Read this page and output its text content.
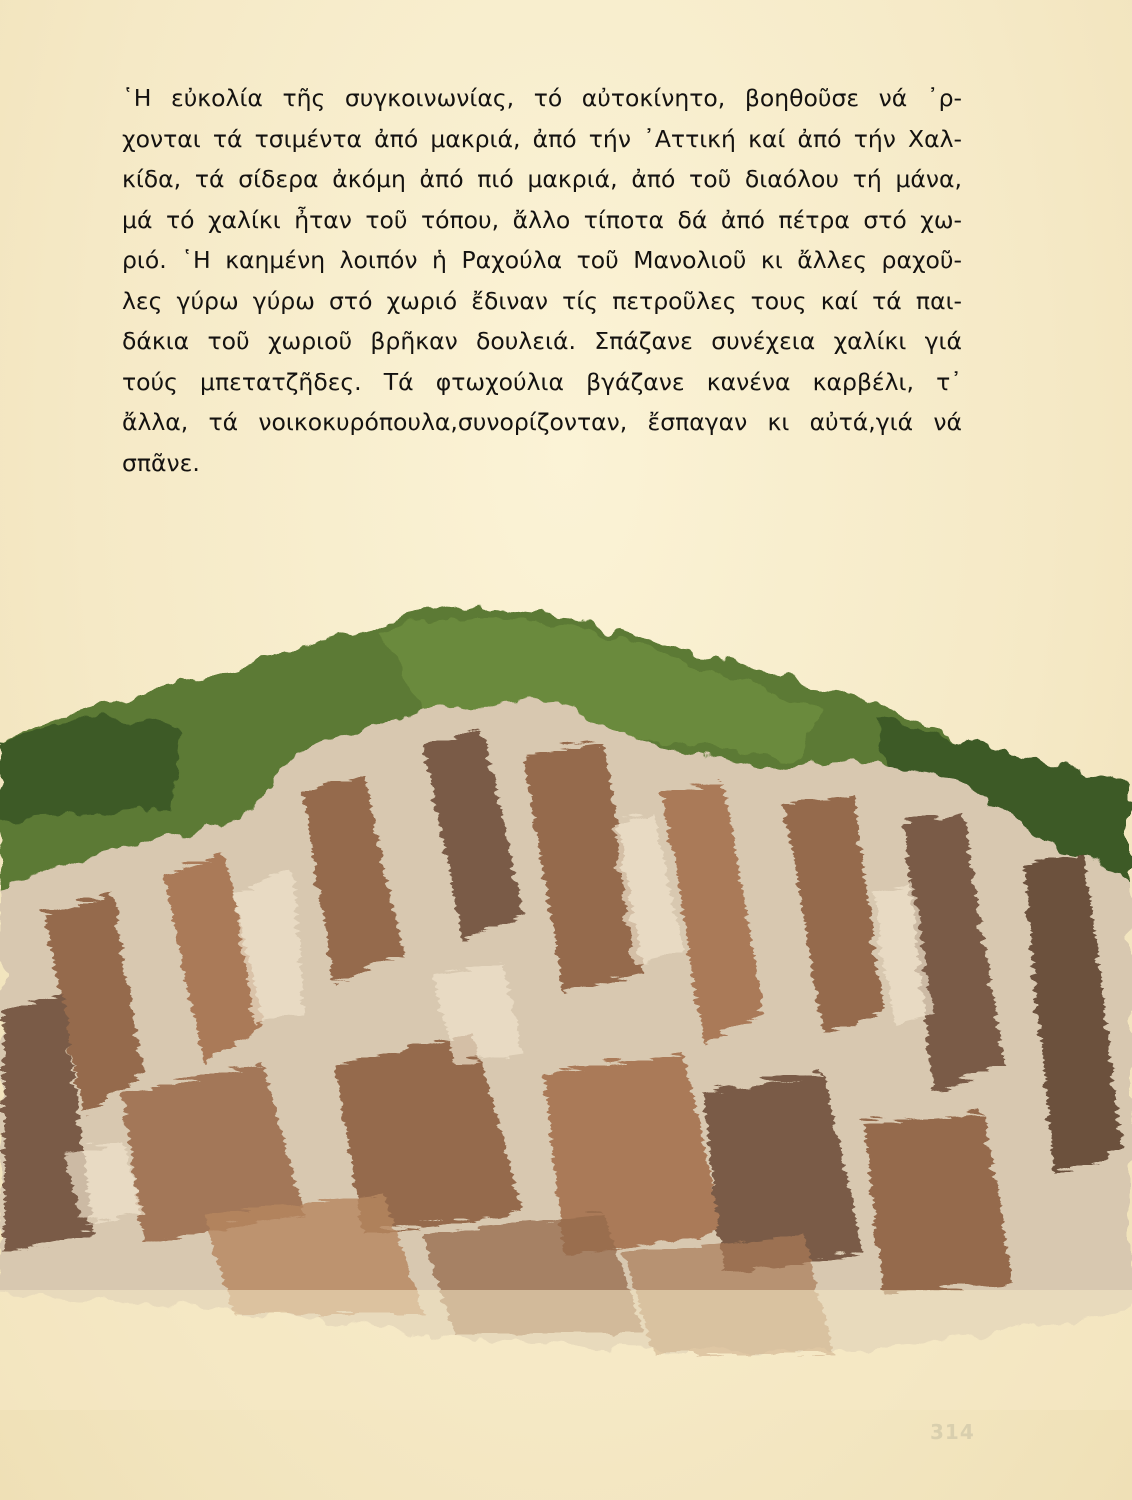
῾Η εὐκολία τῆς συγκοινωνίας, τό αὐτοκίνητο, βοηθοῦσε νά ᾽ρ-
χονται τά τσιμέντα ἀπό μακριά, ἀπό τήν ᾽Αττική καί ἀπό τήν Χαλ-
κίδα, τά σίδερα ἀκόμη ἀπό πιό μακριά, ἀπό τοῦ διαόλου τή μάνα,
μά τό χαλίκι ἦταν τοῦ τόπου, ἄλλο τίποτα δά ἀπό πέτρα στό χω-
ριό. ῾Η καημένη λοιπόν ἡ Ραχούλα τοῦ Μανολιοῦ κι ἄλλες ραχοῦ-
λες γύρω γύρω στό χωριό ἔδιναν τίς πετροῦλες τους καί τά παι-
δάκια τοῦ χωριοῦ βρῆκαν δουλειά. Σπάζανε συνέχεια χαλίκι γιά
τούς μπετατζῆδες. Τά φτωχούλια βγάζανε κανένα καρβέλι, τ᾽
ἄλλα, τά νοικοκυρόπουλα,συνορίζονταν, ἔσπαγαν κι αὐτά,γιά νά
σπᾶνε.
314
